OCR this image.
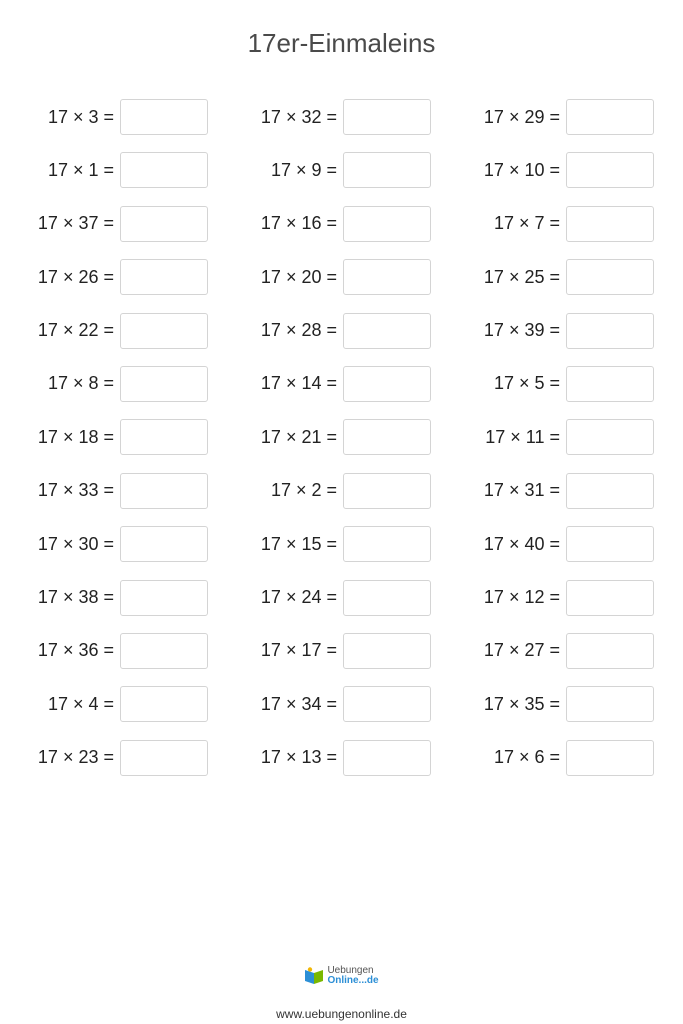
17er-Einmaleins
17 × 3 =	17 × 32 =	17 × 29 =
17 × 1 =	17 × 9 =	17 × 10 =
17 × 37 =	17 × 16 =	17 × 7 =
17 × 26 =	17 × 20 =	17 × 25 =
17 × 22 =	17 × 28 =	17 × 39 =
17 × 8 =	17 × 14 =	17 × 5 =
17 × 18 =	17 × 21 =	17 × 11 =
17 × 33 =	17 × 2 =	17 × 31 =
17 × 30 =	17 × 15 =	17 × 40 =
17 × 38 =	17 × 24 =	17 × 12 =
17 × 36 =	17 × 17 =	17 × 27 =
17 × 4 =	17 × 34 =	17 × 35 =
17 × 23 =	17 × 13 =	17 × 6 =
Uebungen
Online...de
www.uebungenonline.de
